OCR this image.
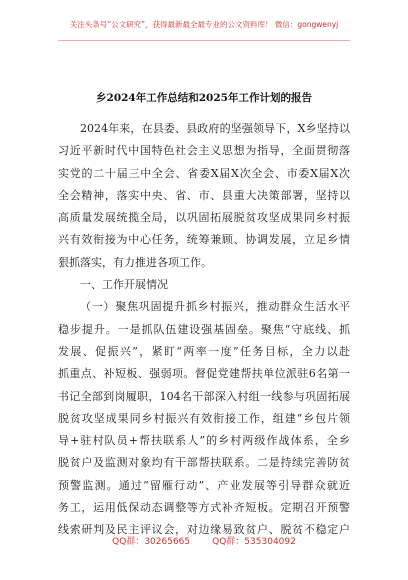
关注头条号“公文研究”，获得最新最全最专业的公文资料库！ 微信：gongwenyj
乡2024年工作总结和2025年工作计划的报告
2024年来，在县委、县政府的坚强领导下，X乡坚持以
习近平新时代中国特色社会主义思想为指导，全面贯彻落
实党的二十届三中全会、省委X届X次全会、市委X届X次
全会精神，落实中央、省、市、县重大决策部署，坚持以
高质量发展统揽全局，以巩固拓展脱贫攻坚成果同乡村振
兴有效衔接为中心任务，统筹兼顾、协调发展，立足乡情
狠抓落实，有力推进各项工作。
一、工作开展情况
（一）聚焦巩固提升抓乡村振兴，推动群众生活水平
稳步提升。一是抓队伍建设强基固垒。聚焦“守底线、抓
发展、促振兴”，紧盯“两率一度”任务目标，全力以赴
抓重点、补短板、强弱项。督促党建帮扶单位派驻6名第一
书记全部到岗履职，104名干部深入村组一线参与巩固拓展
脱贫攻坚成果同乡村振兴有效衔接工作，组建“乡包片领
导+驻村队员+帮扶联系人”的乡村两级作战体系，全乡
脱贫户及监测对象均有干部帮扶联系。二是持续完善防贫
预警监测。通过“留雁行动”、产业发展等引导群众就近
务工，运用低保动态调整等方式补齐短板。定期召开预警
线索研判及民主评议会，对边缘易致贫户、脱贫不稳定户
QQ群：30265665 QQ群：535304092
